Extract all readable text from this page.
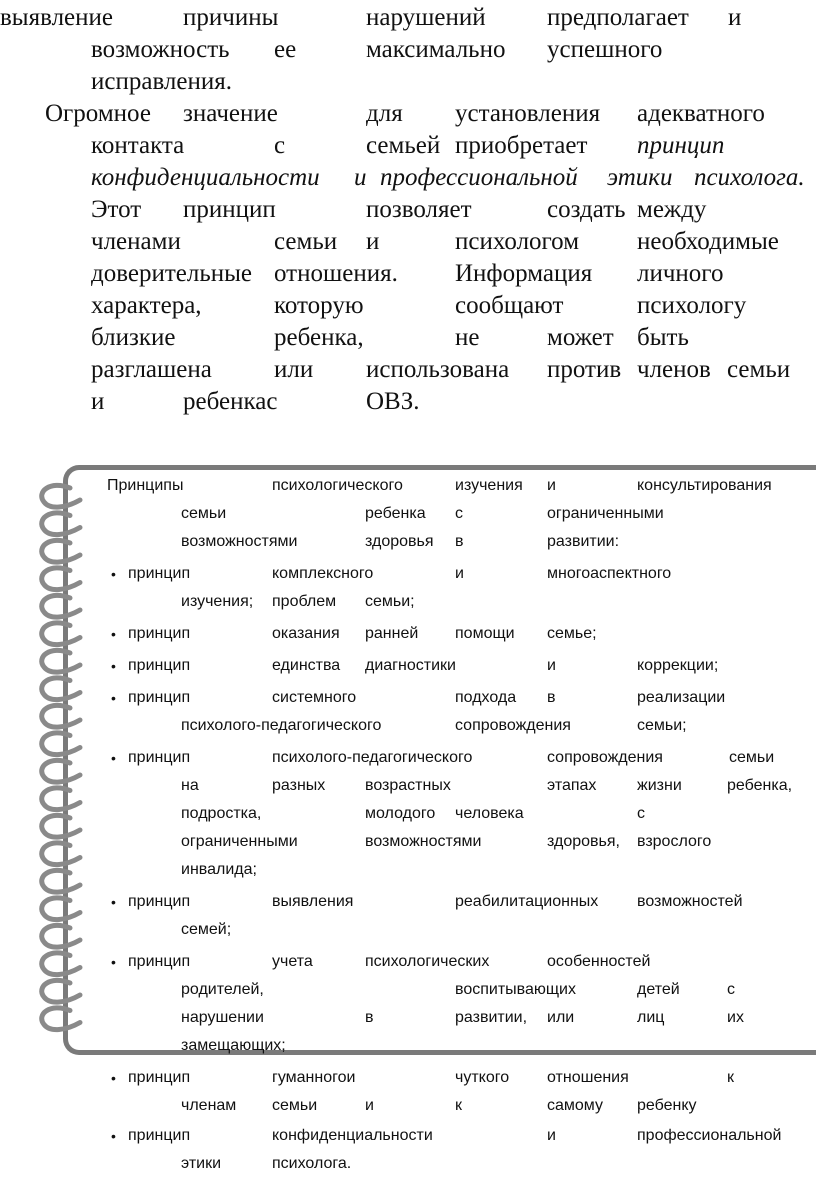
выявление	причины	нарушений предполагает и
возможность ее	максимально успешного
исправления.
Огромное значение	для установления адекватного
контакта	с	семьей приобретает принцип
конфиденциальности и профессиональной этики психолога.
Этот принцип	позволяет	создать между
членами	семьи и	психологом необходимые
доверительные отношения. Информация личного
характера,	которую	сообщают	психологу
близкие	ребенка,	не	может быть
разглашена или использована против членов семьи
и	ребенкас	ОВЗ.
Принципы	психологического	изучения и	консультирования
семьи	ребенка с	ограниченными
возможностями	здоровья в	развитии:
• принцип	комплексного	и	многоаспектного
изучения; проблем семьи;
• принцип	оказания ранней помощи семье;
• принцип	единства диагностики	и	коррекции;
• принцип	системного	подхода в	реализации
психолого-педагогического	сопровождения	семьи;
• принцип	психолого-педагогического	сопровождения	семьи
на	разных возрастных	этапах	жизни	ребенка,
подростка,	молодого человека	с
ограниченными	возможностями	здоровья, взрослого
инвалида;
• принцип	выявления	реабилитационных возможностей
семей;
• принцип	учета	психологических	особенностей
родителей,	воспитывающих	детей	с
нарушении	в	развитии, или	лиц	их
замещающих;
• принцип	гуманногои	чуткого отношения	к
членам семьи	и	к	самому ребенку
• принцип	конфиденциальности	и	профессиональной
этики	психолога.
